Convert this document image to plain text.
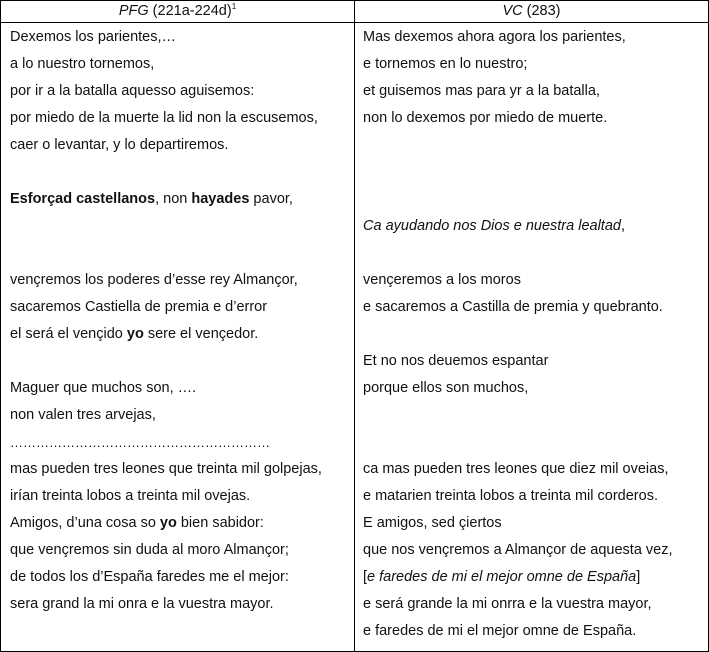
PFG $(221a-224d)^1$	VC (283)
Dexemos los parientes,…
a lo nuestro tornemos,
por ir a la batalla aquesso aguisemos:
por miedo de la muerte la lid non la escusemos,
caer o levantar, y lo departiremos.
Esforçad castellanos, non hayades pavor,
vençremos los poderes d’esse rey Almançor,
sacaremos Castiella de premia e d’error
el será el vençido yo sere el vençedor.
Maguer que muchos son, ….
non valen tres arvejas,
……………………………………………………
mas pueden tres leones que treinta mil golpejas,
irían treinta lobos a treinta mil ovejas.
Amigos, d’una cosa so yo bien sabidor:
que vençremos sin duda al moro Almançor;
de todos los d’España faredes me el mejor:
sera grand la mi onra e la vuestra mayor.
Mas dexemos ahora agora los parientes,
e tornemos en lo nuestro;
et guisemos mas para yr a la batalla,
non lo dexemos por miedo de muerte.
Ca ayudando nos Dios e nuestra lealtad,
vençeremos a los moros
e sacaremos a Castilla de premia y quebranto.
Et no nos deuemos espantar
porque ellos son muchos,
ca mas pueden tres leones que diez mil oveias,
e matarien treinta lobos a treinta mil corderos.
E amigos, sed çiertos
que nos vençremos a Almançor de aquesta vez,
[e faredes de mi el mejor omne de España]
e será grande la mi onrra e la vuestra mayor,
e faredes de mi el mejor omne de España.
